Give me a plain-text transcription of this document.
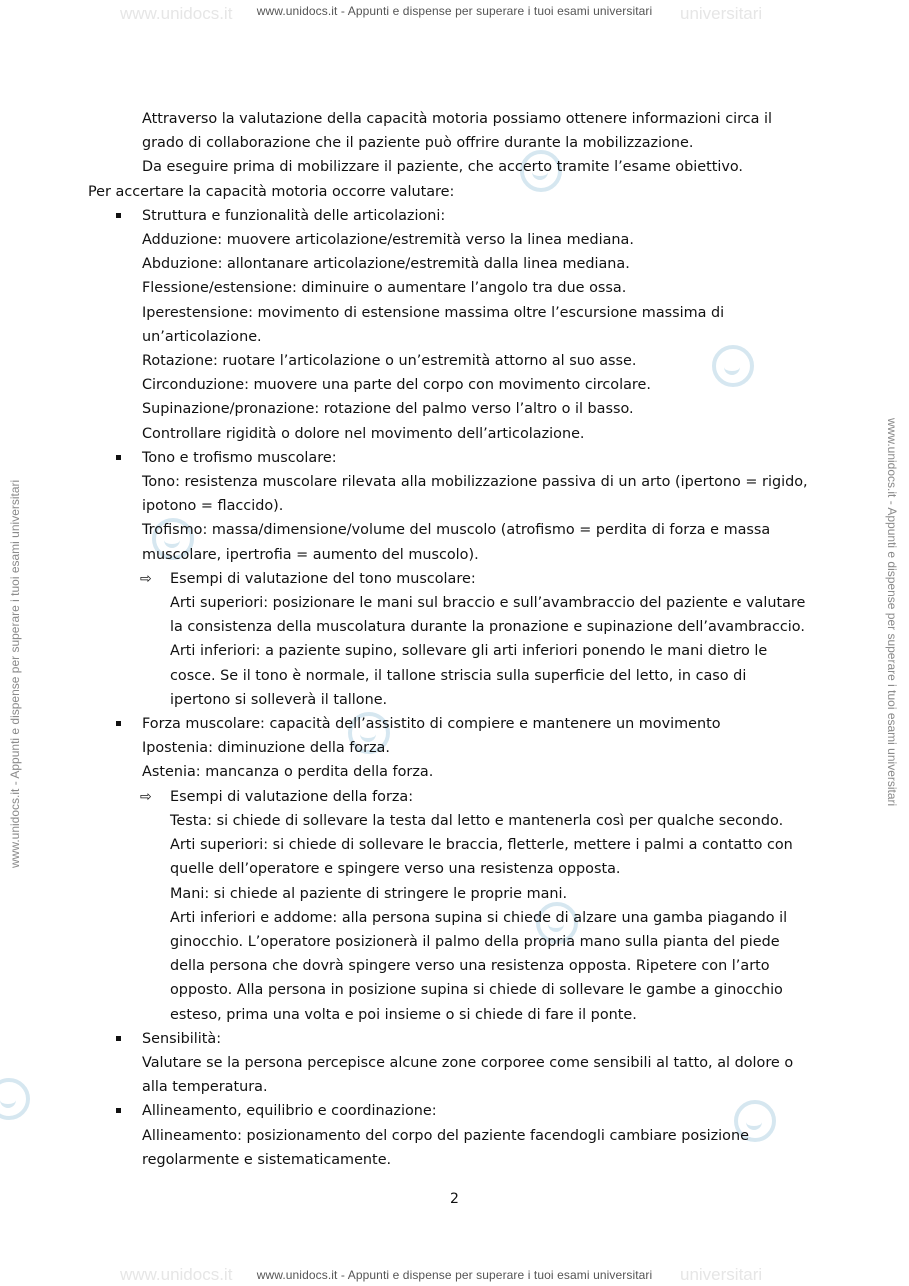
www.unidocs.it	universitari
www.unidocs.it - Appunti e dispense per superare i tuoi esami universitari
www.unidocs.it	universitari
www.unidocs.it - Appunti e dispense per superare i tuoi esami universitari
www.unidocs.it - Appunti e dispense per superare i tuoi esami universitari	www.unidocs.it - Appunti e dispense per superare i tuoi esami universitari
Attraverso la valutazione della capacità motoria possiamo ottenere informazioni circa il
grado di collaborazione che il paziente può offrire durante la mobilizzazione.
Da eseguire prima di mobilizzare il paziente, che accerto tramite l’esame obiettivo.
Per accertare la capacità motoria occorre valutare:
Struttura e funzionalità delle articolazioni:
Adduzione: muovere articolazione/estremità verso la linea mediana.
Abduzione: allontanare articolazione/estremità dalla linea mediana.
Flessione/estensione: diminuire o aumentare l’angolo tra due ossa.
Iperestensione: movimento di estensione massima oltre l’escursione massima di
un’articolazione.
Rotazione: ruotare l’articolazione o un’estremità attorno al suo asse.
Circonduzione: muovere una parte del corpo con movimento circolare.
Supinazione/pronazione: rotazione del palmo verso l’altro o il basso.
Controllare rigidità o dolore nel movimento dell’articolazione.
Tono e trofismo muscolare:
Tono: resistenza muscolare rilevata alla mobilizzazione passiva di un arto (ipertono = rigido,
ipotono = flaccido).
Trofismo: massa/dimensione/volume del muscolo (atrofismo = perdita di forza e massa
muscolare, ipertrofia = aumento del muscolo).
⇨ Esempi di valutazione del tono muscolare:
Arti superiori: posizionare le mani sul braccio e sull’avambraccio del paziente e valutare
la consistenza della muscolatura durante la pronazione e supinazione dell’avambraccio.
Arti inferiori: a paziente supino, sollevare gli arti inferiori ponendo le mani dietro le
cosce. Se il tono è normale, il tallone striscia sulla superficie del letto, in caso di
ipertono si solleverà il tallone.
Forza muscolare: capacità dell’assistito di compiere e mantenere un movimento
Ipostenia: diminuzione della forza.
Astenia: mancanza o perdita della forza.
⇨ Esempi di valutazione della forza:
Testa: si chiede di sollevare la testa dal letto e mantenerla così per qualche secondo.
Arti superiori: si chiede di sollevare le braccia, fletterle, mettere i palmi a contatto con
quelle dell’operatore e spingere verso una resistenza opposta.
Mani: si chiede al paziente di stringere le proprie mani.
Arti inferiori e addome: alla persona supina si chiede di alzare una gamba piagando il
ginocchio. L’operatore posizionerà il palmo della propria mano sulla pianta del piede
della persona che dovrà spingere verso una resistenza opposta. Ripetere con l’arto
opposto. Alla persona in posizione supina si chiede di sollevare le gambe a ginocchio
esteso, prima una volta e poi insieme o si chiede di fare il ponte.
Sensibilità:
Valutare se la persona percepisce alcune zone corporee come sensibili al tatto, al dolore o
alla temperatura.
Allineamento, equilibrio e coordinazione:
Allineamento: posizionamento del corpo del paziente facendogli cambiare posizione
regolarmente e sistematicamente.
2
